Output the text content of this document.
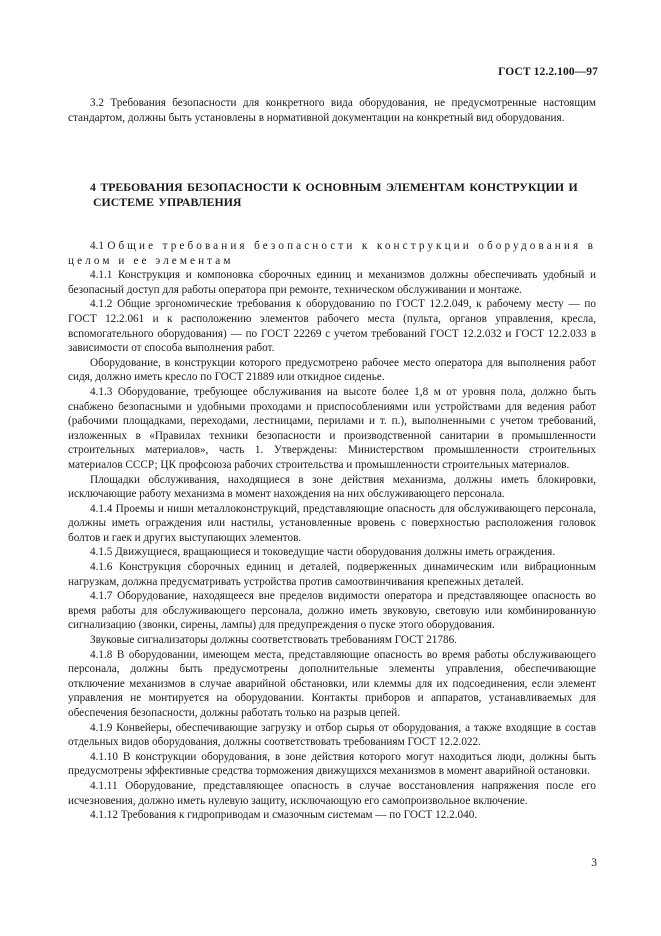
ГОСТ 12.2.100—97

3.2 Требования безопасности для конкретного вида оборудования, не предусмотренные настоящим стандартом, должны быть установлены в нормативной документации на конкретный вид оборудования.

4 ТРЕБОВАНИЯ БЕЗОПАСНОСТИ К ОСНОВНЫМ ЭЛЕМЕНТАМ КОНСТРУКЦИИ И
СИСТЕМЕ УПРАВЛЕНИЯ

4.1 Общие требования безопасности к конструкции оборудования в целом и ее элементам

4.1.1 Конструкция и компоновка сборочных единиц и механизмов должны обеспечивать удобный и безопасный доступ для работы оператора при ремонте, техническом обслуживании и монтаже.

4.1.2 Общие эргономические требования к оборудованию по ГОСТ 12.2.049, к рабочему месту — по ГОСТ 12.2.061 и к расположению элементов рабочего места (пульта, органов управления, кресла, вспомогательного оборудования) — по ГОСТ 22269 с учетом требований ГОСТ 12.2.032 и ГОСТ 12.2.033 в зависимости от способа выполнения работ.

Оборудование, в конструкции которого предусмотрено рабочее место оператора для выполнения работ сидя, должно иметь кресло по ГОСТ 21889 или откидное сиденье.

4.1.3 Оборудование, требующее обслуживания на высоте более 1,8 м от уровня пола, должно быть снабжено безопасными и удобными проходами и приспособлениями или устройствами для ведения работ (рабочими площадками, переходами, лестницами, перилами и т. п.), выполненными с учетом требований, изложенных в «Правилах техники безопасности и производственной санитарии в промышленности строительных материалов», часть 1. Утверждены: Министерством промышленности строительных материалов СССР; ЦК профсоюза рабочих строительства и промышленности строительных материалов.

Площадки обслуживания, находящиеся в зоне действия механизма, должны иметь блокировки, исключающие работу механизма в момент нахождения на них обслуживающего персонала.

4.1.4 Проемы и ниши металлоконструкций, представляющие опасность для обслуживающего персонала, должны иметь ограждения или настилы, установленные вровень с поверхностью расположения головок болтов и гаек и других выступающих элементов.

4.1.5 Движущиеся, вращающиеся и токоведущие части оборудования должны иметь ограждения.

4.1.6 Конструкция сборочных единиц и деталей, подверженных динамическим или вибрационным нагрузкам, должна предусматривать устройства против самоотвинчивания крепежных деталей.

4.1.7 Оборудование, находящееся вне пределов видимости оператора и представляющее опасность во время работы для обслуживающего персонала, должно иметь звуковую, световую или комбинированную сигнализацию (звонки, сирены, лампы) для предупреждения о пуске этого оборудования.

Звуковые сигнализаторы должны соответствовать требованиям ГОСТ 21786.

4.1.8 В оборудовании, имеющем места, представляющие опасность во время работы обслуживающего персонала, должны быть предусмотрены дополнительные элементы управления, обеспечивающие отключение механизмов в случае аварийной обстановки, или клеммы для их подсоединения, если элемент управления не монтируется на оборудовании. Контакты приборов и аппаратов, устанавливаемых для обеспечения безопасности, должны работать только на разрыв цепей.

4.1.9 Конвейеры, обеспечивающие загрузку и отбор сырья от оборудования, а также входящие в состав отдельных видов оборудования, должны соответствовать требованиям ГОСТ 12.2.022.

4.1.10 В конструкции оборудования, в зоне действия которого могут находиться люди, должны быть предусмотрены эффективные средства торможения движущихся механизмов в момент аварийной остановки.

4.1.11 Оборудование, представляющее опасность в случае восстановления напряжения после его исчезновения, должно иметь нулевую защиту, исключающую его самопроизвольное включение.

4.1.12 Требования к гидроприводам и смазочным системам — по ГОСТ 12.2.040.

3
